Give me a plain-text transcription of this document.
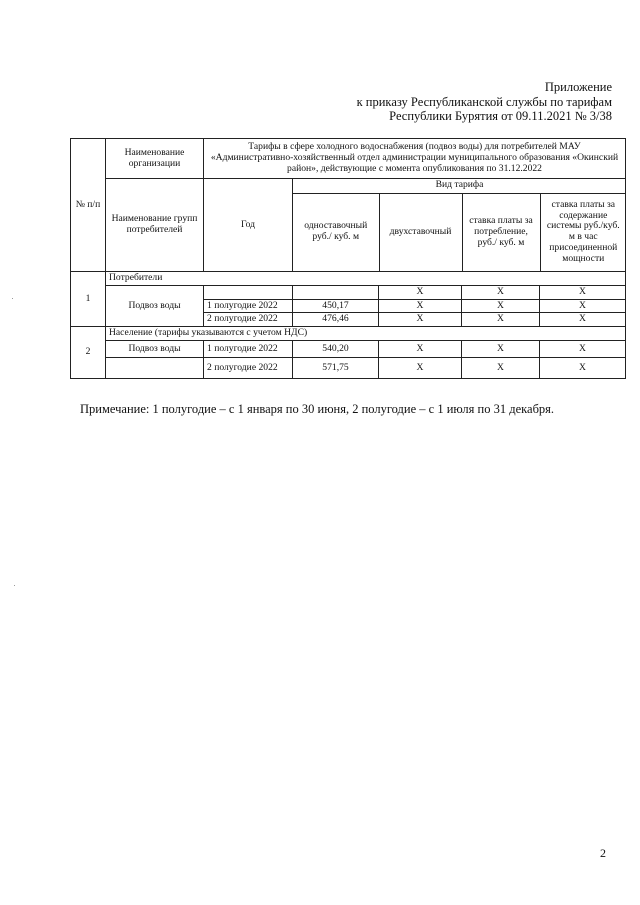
Приложение
к приказу Республиканской службы по тарифам
Республики Бурятия от 09.11.2021 № 3/38
№ п/п	Наименование организации	Тарифы в сфере холодного водоснабжения (подвоз воды) для потребителей МАУ «Административно-хозяйственный отдел администрации муниципального образования «Окинский район», действующие с момента опубликования по 31.12.2022
Наименование групп потребителей	Год	
Вид тарифа
одноставочный руб./ куб. м	двухставочный	ставка платы за потребление, руб./ куб. м	ставка платы за содержание системы руб./куб. м в час присоединенной мощности

1	Потребители
Подвоз воды			X	X	X
1 полугодие 2022	450,17	X	X	X
2 полугодие 2022	476,46	X	X	X
2	Население (тарифы указываются с учетом НДС)
Подвоз воды	1 полугодие 2022	540,20	X	X	X
	2 полугодие 2022	571,75	X	X	X
Примечание: 1 полугодие – с 1 января по 30 июня, 2 полугодие – с 1 июля по 31 декабря.
2
